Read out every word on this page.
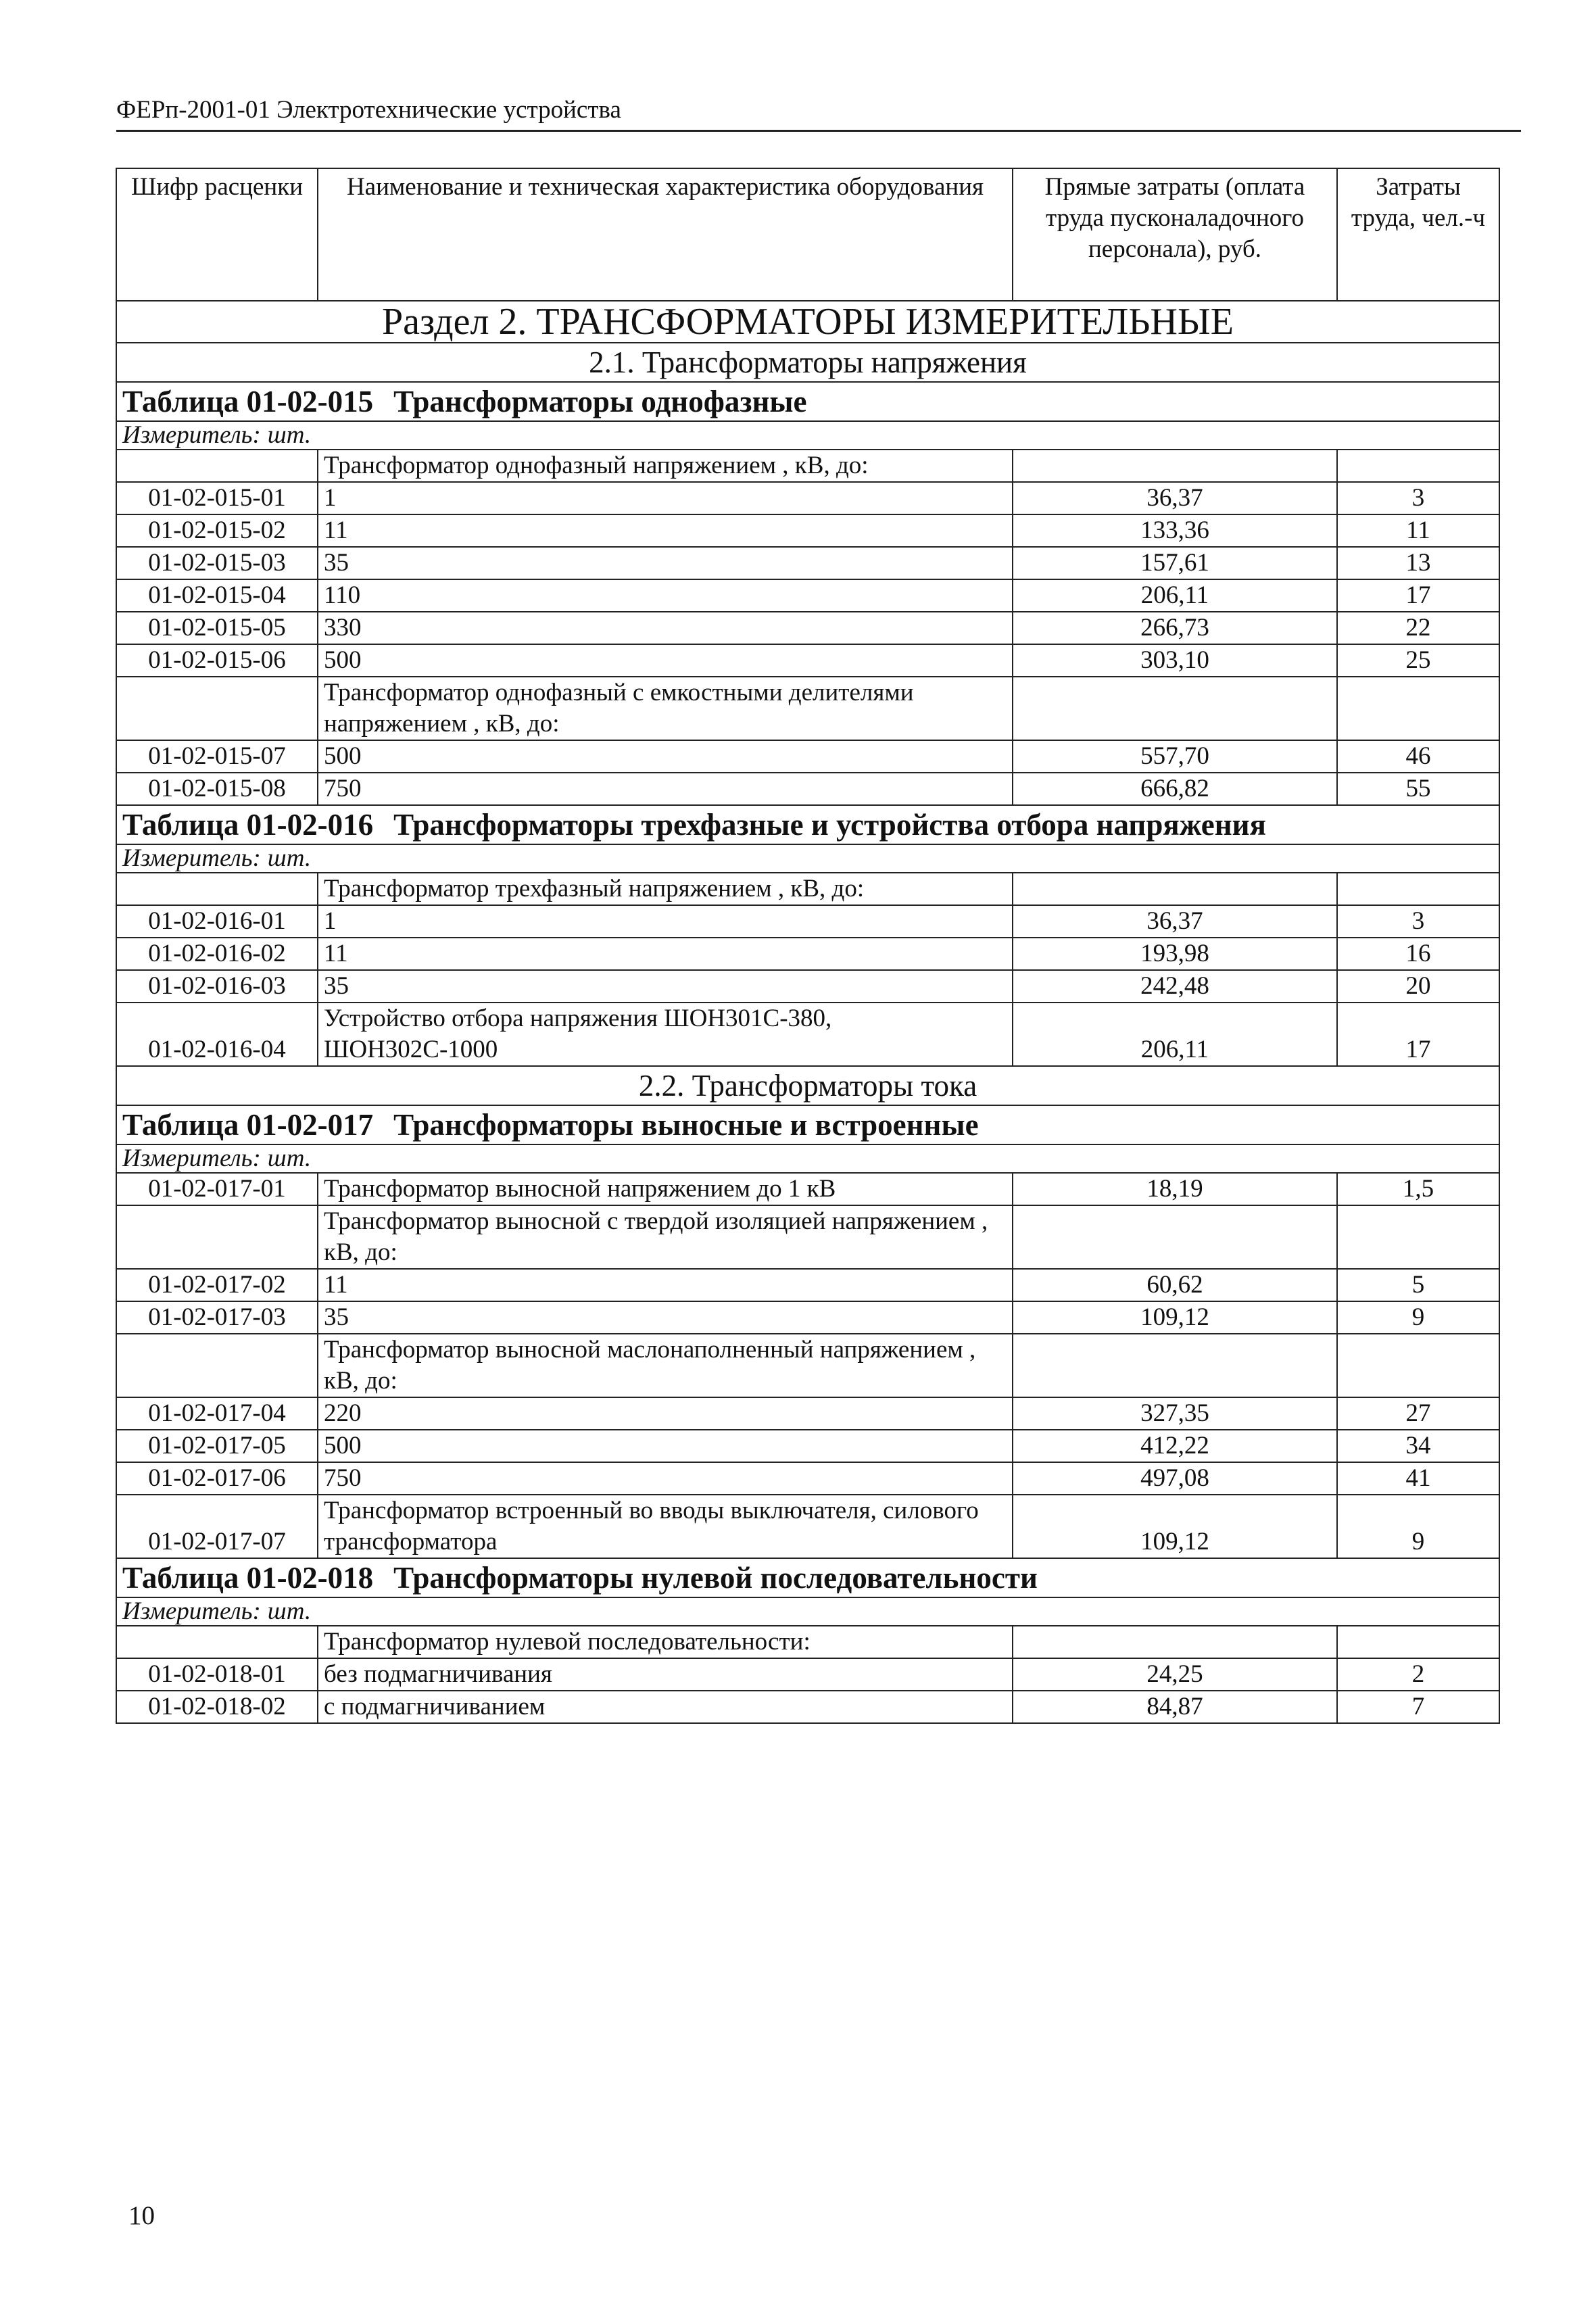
ФЕРп-2001-01 Электротехнические устройства
Шифр расценки	Наименование и техническая характеристика оборудования	Прямые затраты (оплата труда пусконаладочного персонала), руб.	Затраты труда, чел.-ч
Раздел 2. ТРАНСФОРМАТОРЫ ИЗМЕРИТЕЛЬНЫЕ			
2.1. Трансформаторы напряжения			
Таблица 01-02-015 Трансформаторы однофазные			
Измеритель: шт.			
	Трансформатор однофазный напряжением , кВ, до:		
01-02-015-01	1	36,37	3
01-02-015-02	11	133,36	11
01-02-015-03	35	157,61	13
01-02-015-04	110	206,11	17
01-02-015-05	330	266,73	22
01-02-015-06	500	303,10	25
	Трансформатор однофазный с емкостными делителями напряжением , кВ, до:		
01-02-015-07	500	557,70	46
01-02-015-08	750	666,82	55
Таблица 01-02-016 Трансформаторы трехфазные и устройства отбора напряжения			
Измеритель: шт.			
	Трансформатор трехфазный напряжением , кВ, до:		
01-02-016-01	1	36,37	3
01-02-016-02	11	193,98	16
01-02-016-03	35	242,48	20
01-02-016-04	Устройство отбора напряжения ШОН301С-380, ШОН302С-1000	206,11	17
2.2. Трансформаторы тока			
Таблица 01-02-017 Трансформаторы выносные и встроенные			
Измеритель: шт.			
01-02-017-01	Трансформатор выносной напряжением до 1 кВ	18,19	1,5
	Трансформатор выносной с твердой изоляцией напряжением , кВ, до:		
01-02-017-02	11	60,62	5
01-02-017-03	35	109,12	9
	Трансформатор выносной маслонаполненный напряжением , кВ, до:		
01-02-017-04	220	327,35	27
01-02-017-05	500	412,22	34
01-02-017-06	750	497,08	41
01-02-017-07	Трансформатор встроенный во вводы выключателя, силового трансформатора	109,12	9
Таблица 01-02-018 Трансформаторы нулевой последовательности			
Измеритель: шт.			
	Трансформатор нулевой последовательности:		
01-02-018-01	без подмагничивания	24,25	2
01-02-018-02	с подмагничиванием	84,87	7
10
